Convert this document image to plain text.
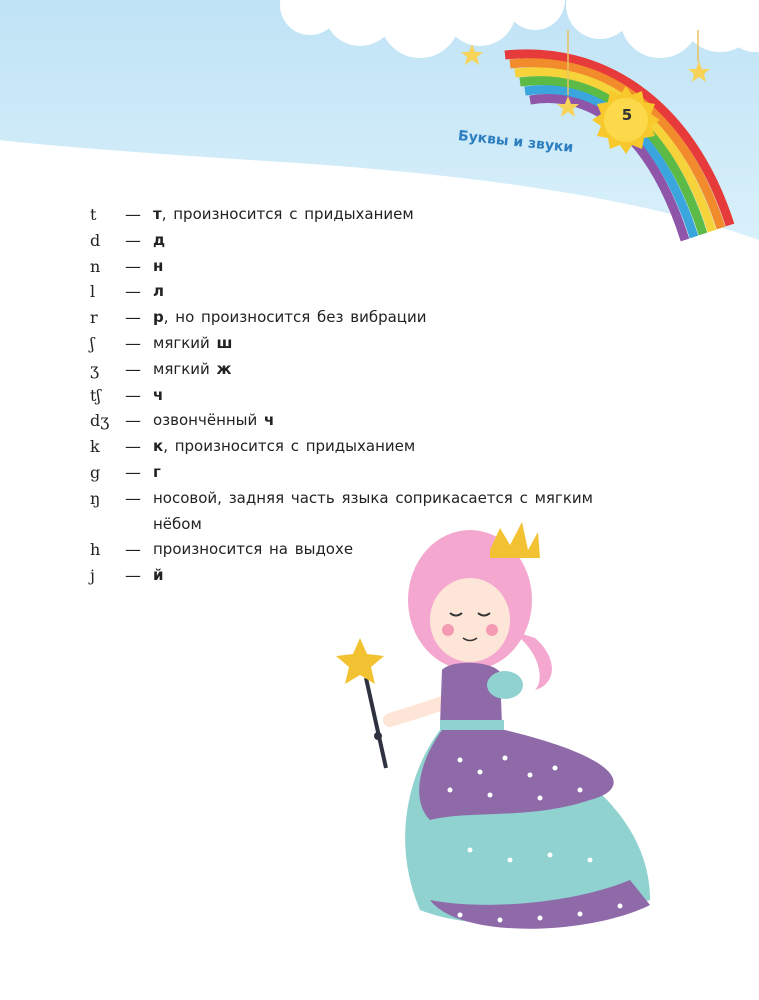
5
Буквы и звуки
t	— т, произносится с придыханием
d	— д
n	— н
l	— л
r	— р, но произносится без вибрации
ʃ	— мягкий ш
ʒ	— мягкий ж
tʃ	— ч
dʒ — озвончённый ч
k	— к, произносится с придыханием
g	— г
ŋ	— носовой, задняя часть языка соприкасается с мягким
нёбом
h	— произносится на выдохе
j	— й
